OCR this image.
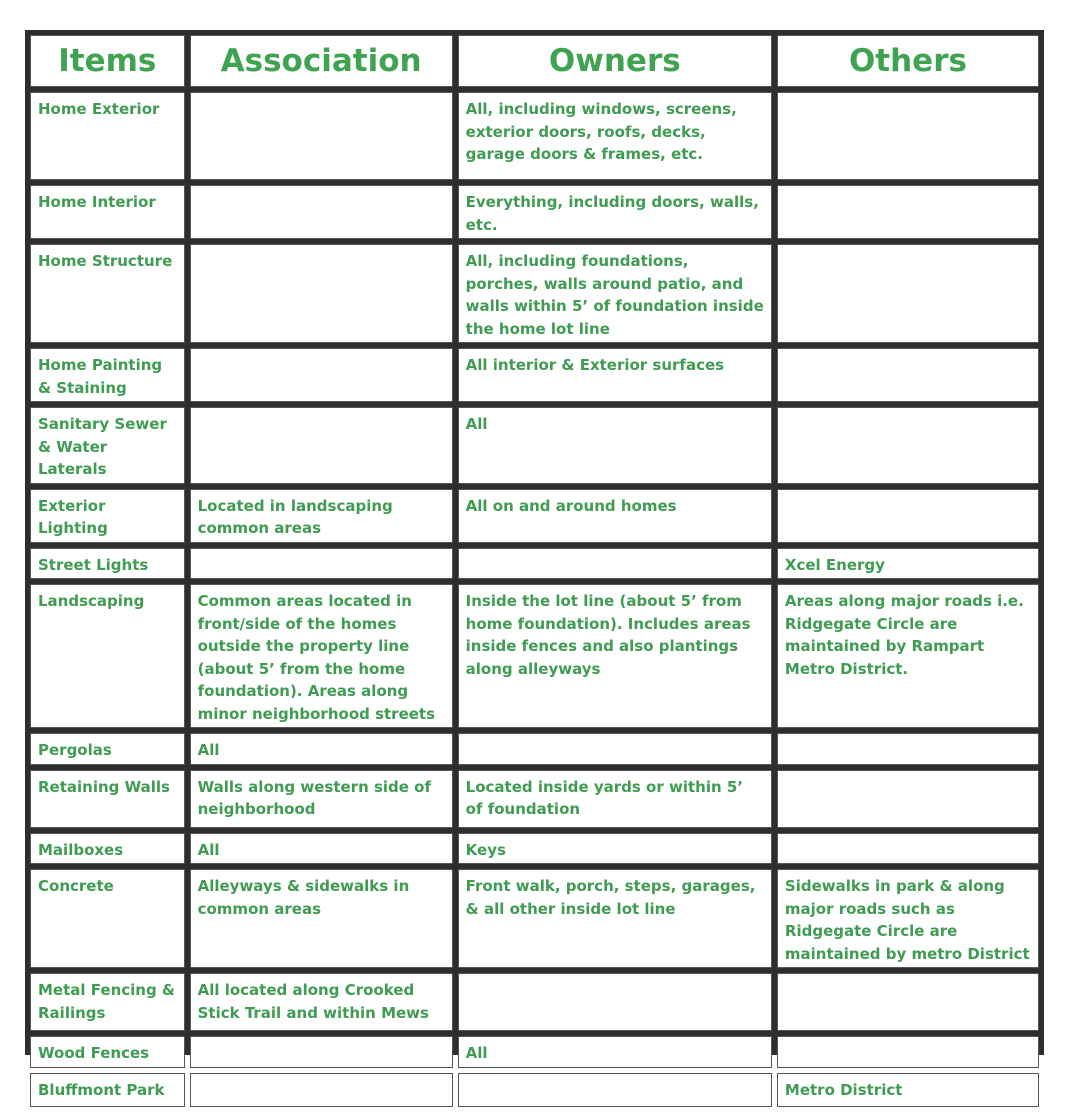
Items	Association	Owners	Others
Home Exterior		All, including windows, screens, exterior doors, roofs, decks, garage doors & frames, etc.	
Home Interior		Everything, including doors, walls, etc.	
Home Structure		All, including foundations, porches, walls around patio, and walls within 5’ of foundation inside the home lot line	
Home Painting & Staining		All interior & Exterior surfaces	
Sanitary Sewer & Water Laterals		All	
Exterior Lighting	Located in landscaping common areas	All on and around homes	
Street Lights			Xcel Energy
Landscaping	Common areas located in front/side of the homes outside the property line (about 5’ from the home foundation). Areas along minor neighborhood streets	Inside the lot line (about 5’ from home foundation). Includes areas inside fences and also plantings along alleyways	Areas along major roads i.e. Ridgegate Circle are maintained by Rampart Metro District.
Pergolas	All		
Retaining Walls	Walls along western side of neighborhood	Located inside yards or within 5’ of foundation	
Mailboxes	All	Keys	
Concrete	Alleyways & sidewalks in common areas	Front walk, porch, steps, garages, & all other inside lot line	Sidewalks in park & along major roads such as Ridgegate Circle are maintained by metro District
Metal Fencing & Railings	All located along Crooked Stick Trail and within Mews		
Wood Fences		All	
Bluffmont Park			Metro District
